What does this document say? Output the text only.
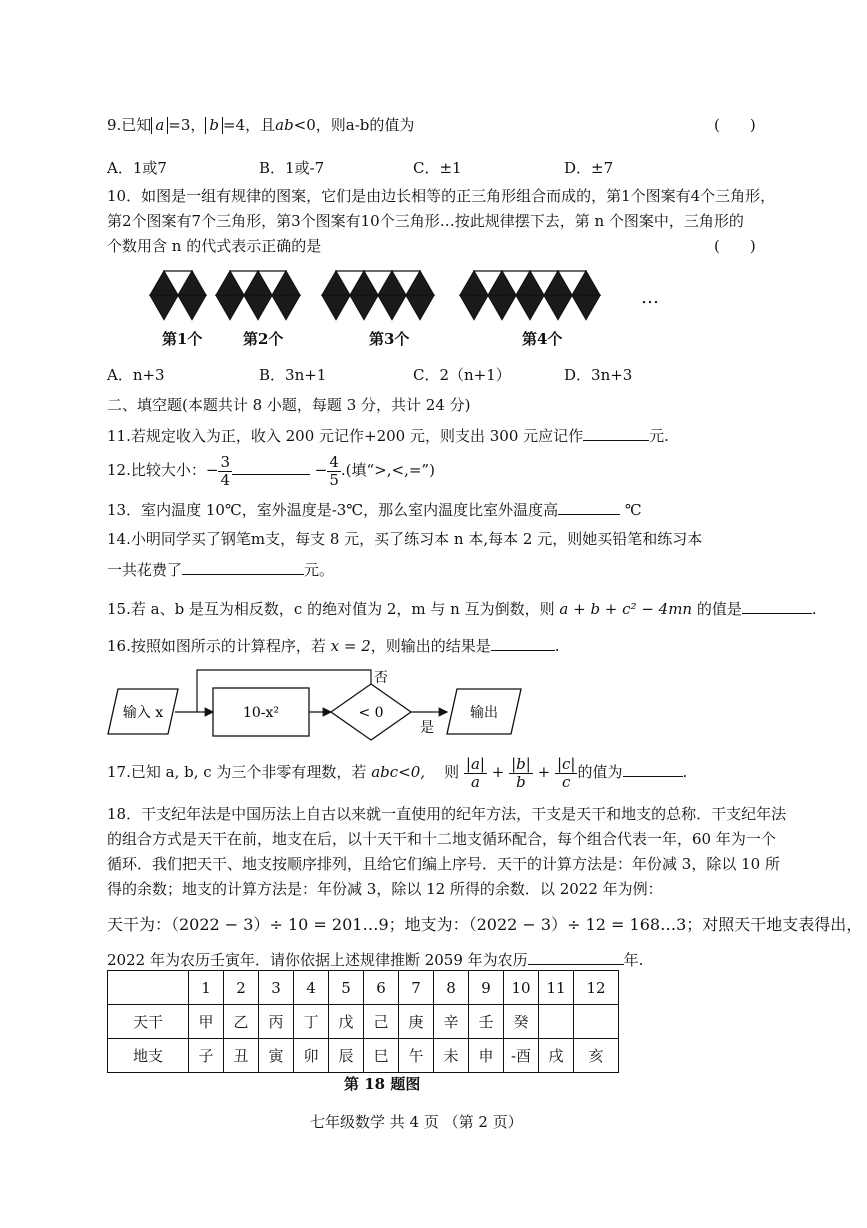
9.已知 a =3， b =4，且ab<0，则a-b的值为	(　　)
A．1或7	B．1或-7	C．±1	D．±7
10．如图是一组有规律的图案，它们是由边长相等的正三角形组合而成的，第1个图案有4个三角形，
第2个图案有7个三角形，第3个图案有10个三角形…按此规律摆下去，第 n 个图案中，三角形的
个数用含 n 的代式表示正确的是	(　　)
第1个	第2个	第3个	第4个
…
A．n+3	B．3n+1	C．2（n+1）	D．3n+3
二、填空题(本题共计 8 小题，每题 3 分，共计 24 分)
11.若规定收入为正，收入 200 元记作+200 元，则支出 300 元应记作	元.
12.比较大小：− $\frac{3}{4}$	− $\frac{4}{5}$ .(填“>,<,=”)
13．室内温度 10℃，室外温度是-3℃，那么室内温度比室外温度高	℃
14.小明同学买了钢笔m支，每支 8 元，买了练习本 n 本,每本 2 元，则她买铅笔和练习本
一共花费了	元。
15.若 a、b 是互为相反数，c 的绝对值为 2，m 与 n 互为倒数，则 a + b + c² − 4mn 的值是	.
16.按照如图所示的计算程序，若 x = 2，则输出的结果是	.
输入 x	10-x²	< 0
否
是
输出
17.已知 a, b, c 为三个非零有理数，若 abc<0, 则 $\frac{|a|}{a} + \frac{|b|}{b} + \frac{|c|}{c}$ 的值为	.
18．干支纪年法是中国历法上自古以来就一直使用的纪年方法，干支是天干和地支的总称．干支纪年法
的组合方式是天干在前，地支在后，以十天干和十二地支循环配合，每个组合代表一年，60 年为一个
循环．我们把天干、地支按顺序排列，且给它们编上序号．天干的计算方法是：年份减 3，除以 10 所
得的余数；地支的计算方法是：年份减 3，除以 12 所得的余数．以 2022 年为例：
天干为：（2022 − 3）÷ 10 = 201…9；地支为：（2022 − 3）÷ 12 = 168…3；对照天干地支表得出，
2022 年为农历壬寅年．请你依据上述规律推断 2059 年为农历	年.
	1	2	3	4	5	6	7	8	9	10	11	12
天干	甲	乙	丙	丁	戊	己	庚	辛	壬	癸		
地支	子	丑	寅	卯	辰	巳	午	未	申	-酉	戌	亥
第 18 题图
七年级数学 共 4 页 （第 2 页）
